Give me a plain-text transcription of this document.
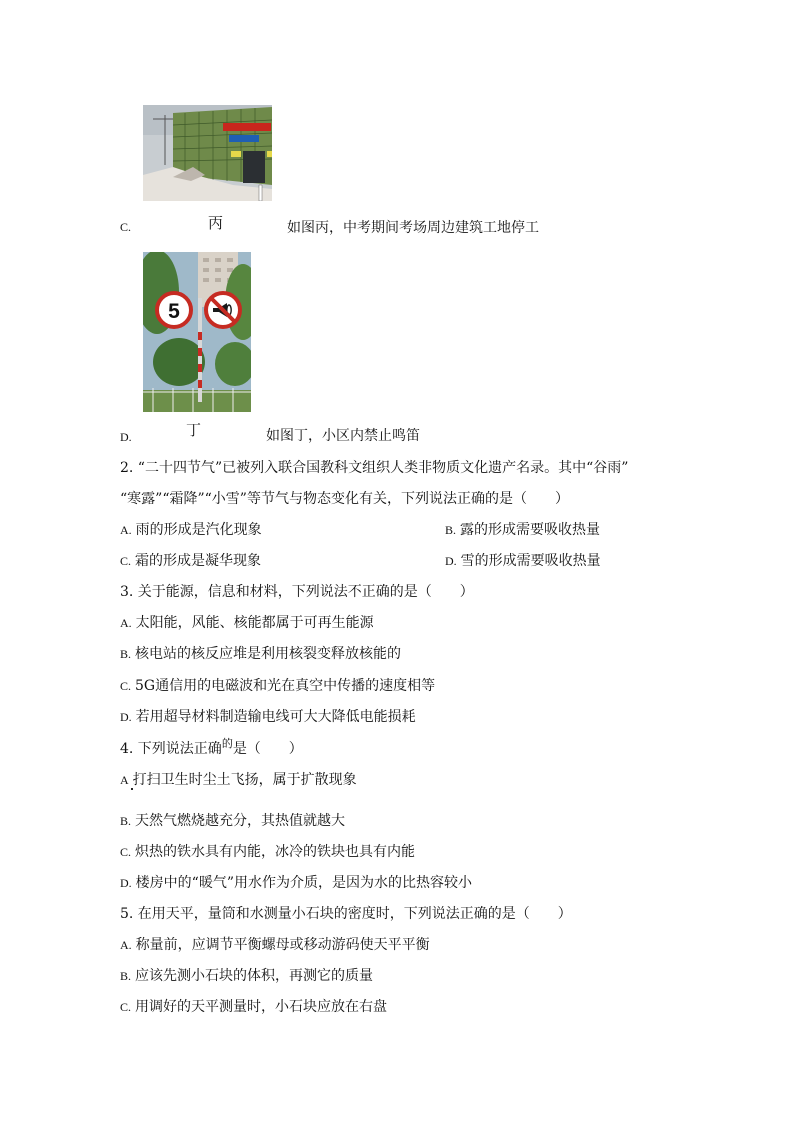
C.	丙	如图丙，中考期间考场周边建筑工地停工
5
D.	丁	如图丁，小区内禁止鸣笛
2. “二十四节气”已被列入联合国教科文组织人类非物质文化遗产名录。其中“谷雨”
“寒露”“霜降”“小雪”等节气与物态变化有关，下列说法正确的是（　　）
A. 雨的形成是汽化现象	B. 露的形成需要吸收热量
C. 霜的形成是凝华现象	D. 雪的形成需要吸收热量
3. 关于能源，信息和材料，下列说法不正确的是（　　）
A. 太阳能，风能、核能都属于可再生能源
B. 核电站的核反应堆是利用核裂变释放核能的
C. 5G通信用的电磁波和光在真空中传播的速度相等
D. 若用超导材料制造输电线可大大降低电能损耗
4. 下列说法正确$^的$是（　　）
A 打扫卫生时尘土飞扬，属于扩散现象
B. 天然气燃烧越充分，其热值就越大
C. 炽热的铁水具有内能，冰冷的铁块也具有内能
D. 楼房中的“暖气”用水作为介质，是因为水的比热容较小
5. 在用天平，量筒和水测量小石块的密度时，下列说法正确的是（　　）
A. 称量前，应调节平衡螺母或移动游码使天平平衡
B. 应该先测小石块的体积，再测它的质量
C. 用调好的天平测量时，小石块应放在右盘
